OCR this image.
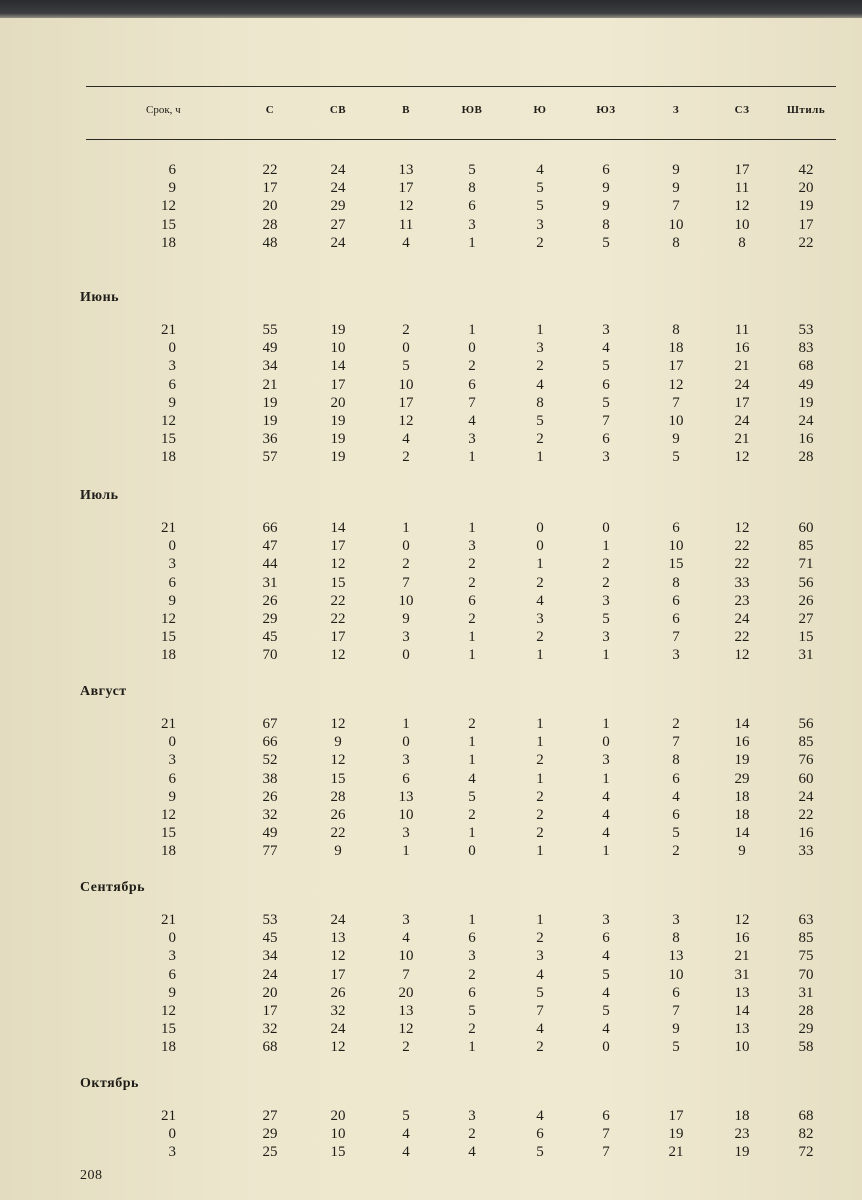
Срок, ч	С	СВ	В	ЮВ	Ю	ЮЗ	З	СЗ	Штиль
6	22	24	13	5	4	6	9	17	42
9	17	24	17	8	5	9	9	11	20
12	20	29	12	6	5	9	7	12	19
15	28	27	11	3	3	8	10	10	17
18	48	24	4	1	2	5	8	8	22
Июнь
21	55	19	2	1	1	3	8	11	53
0	49	10	0	0	3	4	18	16	83
3	34	14	5	2	2	5	17	21	68
6	21	17	10	6	4	6	12	24	49
9	19	20	17	7	8	5	7	17	19
12	19	19	12	4	5	7	10	24	24
15	36	19	4	3	2	6	9	21	16
18	57	19	2	1	1	3	5	12	28
Июль
21	66	14	1	1	0	0	6	12	60
0	47	17	0	3	0	1	10	22	85
3	44	12	2	2	1	2	15	22	71
6	31	15	7	2	2	2	8	33	56
9	26	22	10	6	4	3	6	23	26
12	29	22	9	2	3	5	6	24	27
15	45	17	3	1	2	3	7	22	15
18	70	12	0	1	1	1	3	12	31
Август
21	67	12	1	2	1	1	2	14	56
0	66	9	0	1	1	0	7	16	85
3	52	12	3	1	2	3	8	19	76
6	38	15	6	4	1	1	6	29	60
9	26	28	13	5	2	4	4	18	24
12	32	26	10	2	2	4	6	18	22
15	49	22	3	1	2	4	5	14	16
18	77	9	1	0	1	1	2	9	33
Сентябрь
21	53	24	3	1	1	3	3	12	63
0	45	13	4	6	2	6	8	16	85
3	34	12	10	3	3	4	13	21	75
6	24	17	7	2	4	5	10	31	70
9	20	26	20	6	5	4	6	13	31
12	17	32	13	5	7	5	7	14	28
15	32	24	12	2	4	4	9	13	29
18	68	12	2	1	2	0	5	10	58
Октябрь
21	27	20	5	3	4	6	17	18	68
0	29	10	4	2	6	7	19	23	82
3	25	15	4	4	5	7	21	19	72
208
